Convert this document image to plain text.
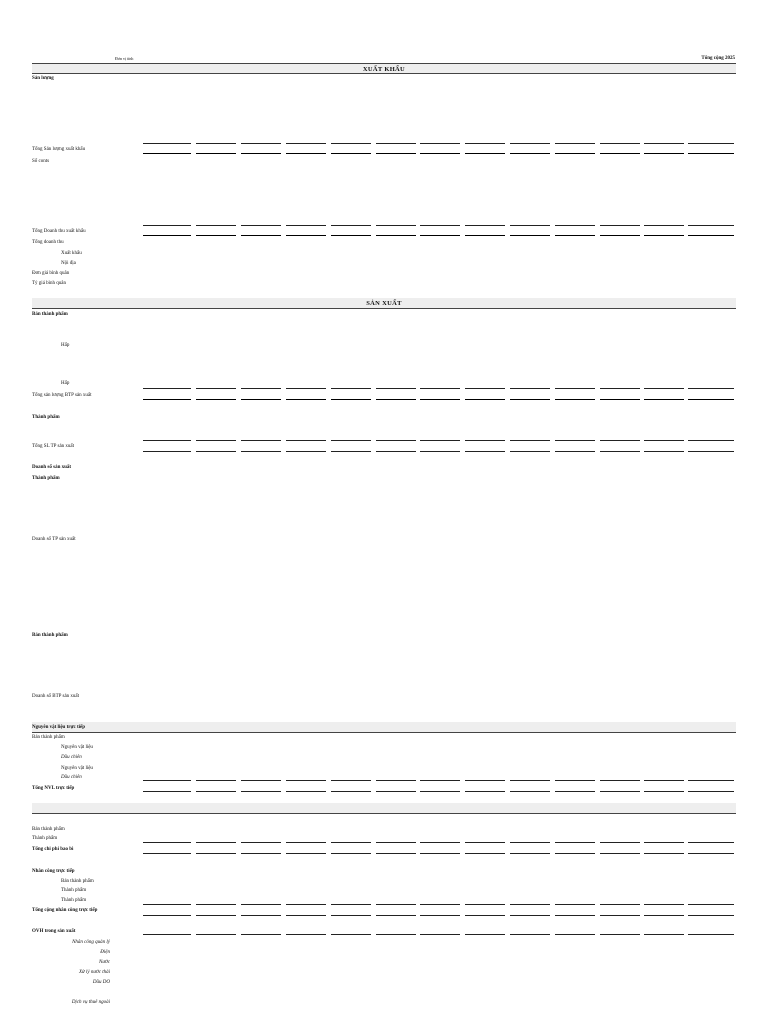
Đơn vị tính	Tổng cộng 2025
XUẤT KHẨU
Sản lượng
Tổng Sản lượng xuất khẩu
Số conts
Tổng Doanh thu xuất khẩu
Tổng doanh thu
Xuất khẩu
Nội địa
Đơn giá bình quân
Tỷ giá bình quân
SẢN XUẤT
Bán thành phẩm
Hấp
Hấp
Tổng sản lượng BTP sản xuất
Thành phẩm
Tổng SL TP sản xuất
Doanh số sản xuất
Thành phẩm
Doanh số TP sản xuất
Bán thành phẩm
Doanh số BTP sản xuất
Nguyên vật liệu trực tiếp
Bán thành phẩm
Nguyên vật liệu
Dầu chiên
Nguyên vật liệu
Dầu chiên
Tổng NVL trực tiếp
Bán thành phẩm
Thành phẩm
Tổng chi phí bao bì
Nhân công trực tiếp
Bán thành phẩm
Thành phẩm
Thành phẩm
Tổng cộng nhân công trực tiếp
OVH trong sản xuất
Nhân công quản lý
Điện
Nước
Xử lý nước thải
Dầu DO
Dịch vụ thuê ngoài
